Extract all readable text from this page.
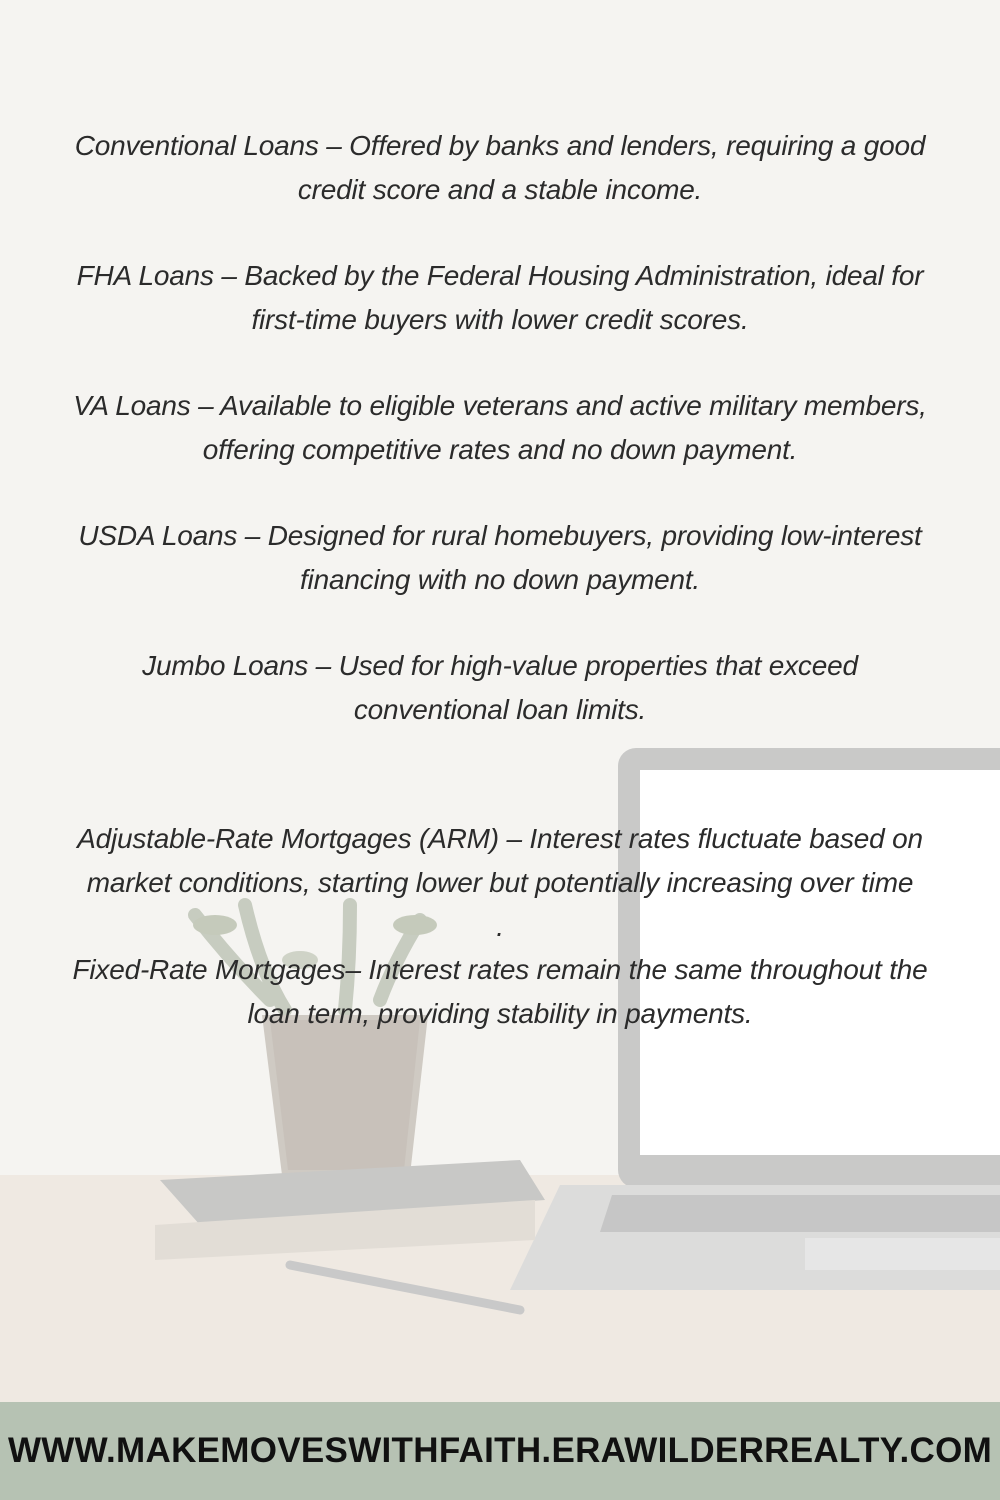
Conventional Loans – Offered by banks and lenders, requiring a good
credit score and a stable income.
FHA Loans – Backed by the Federal Housing Administration, ideal for
first-time buyers with lower credit scores.
VA Loans – Available to eligible veterans and active military members,
offering competitive rates and no down payment.
USDA Loans – Designed for rural homebuyers, providing low-interest
financing with no down payment.
Jumbo Loans – Used for high-value properties that exceed
conventional loan limits.
Adjustable-Rate Mortgages (ARM) – Interest rates fluctuate based on
market conditions, starting lower but potentially increasing over time
.
Fixed-Rate Mortgages– Interest rates remain the same throughout the
loan term, providing stability in payments.
WWW.MAKEMOVESWITHFAITH.ERAWILDERREALTY.COM
